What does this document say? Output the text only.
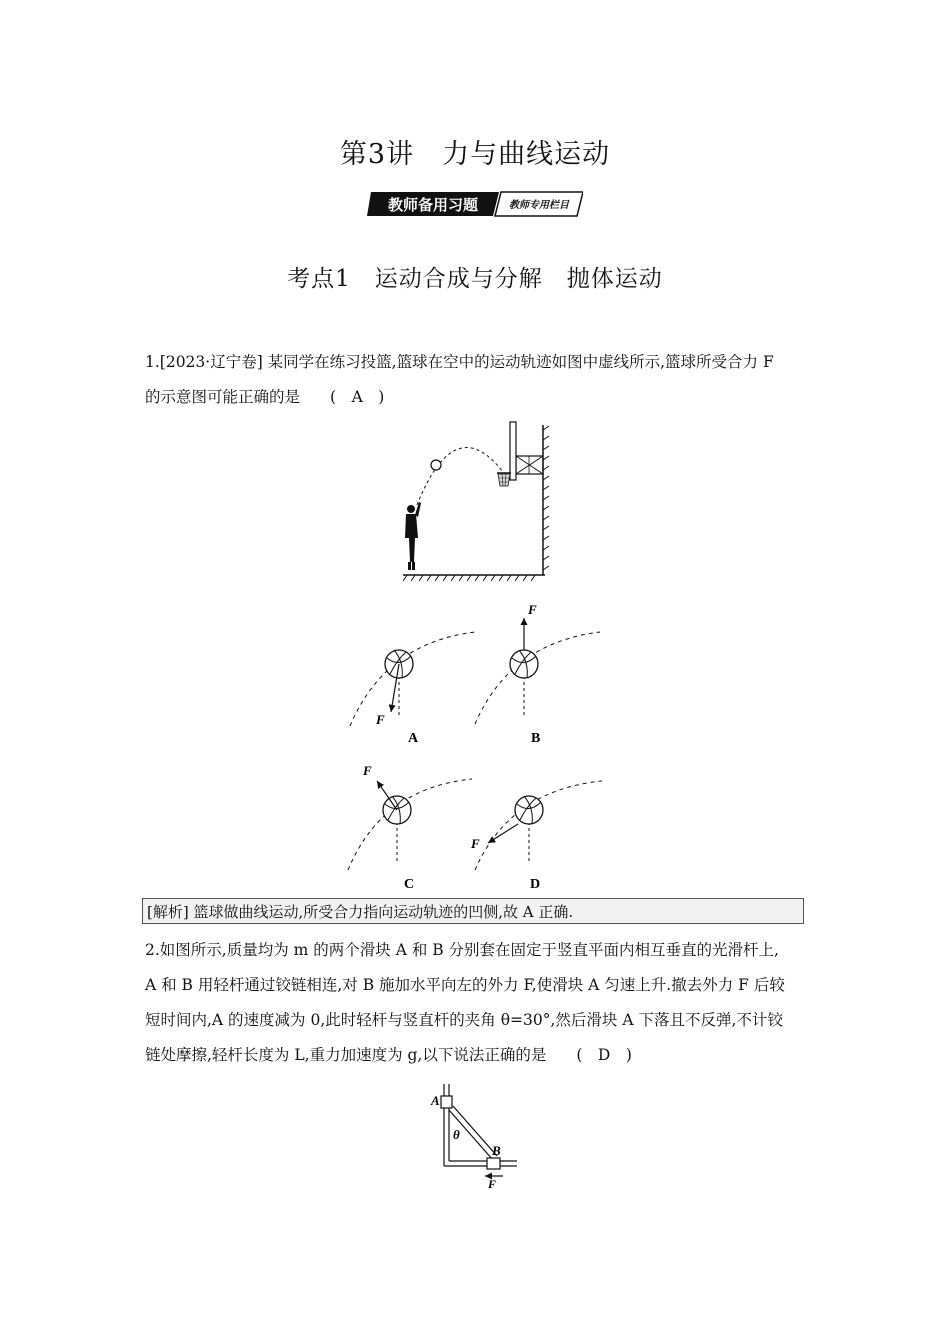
第3讲　力与曲线运动
教师备用习题	教师专用栏目
考点1　运动合成与分解　抛体运动
1.[2023·辽宁卷] 某同学在练习投篮,篮球在空中的运动轨迹如图中虚线所示,篮球所受合力 F
的示意图可能正确的是 (　A　)
F
A
F
B
F
C
F
D
[解析] 篮球做曲线运动,所受合力指向运动轨迹的凹侧,故 A 正确.
2.如图所示,质量均为 m 的两个滑块 A 和 B 分别套在固定于竖直平面内相互垂直的光滑杆上,
A 和 B 用轻杆通过铰链相连,对 B 施加水平向左的外力 F,使滑块 A 匀速上升.撤去外力 F 后较
短时间内,A 的速度减为 0,此时轻杆与竖直杆的夹角 θ=30°,然后滑块 A 下落且不反弹,不计铰
链处摩擦,轻杆长度为 L,重力加速度为 g,以下说法正确的是 (　D　)
A
B
θ
F
